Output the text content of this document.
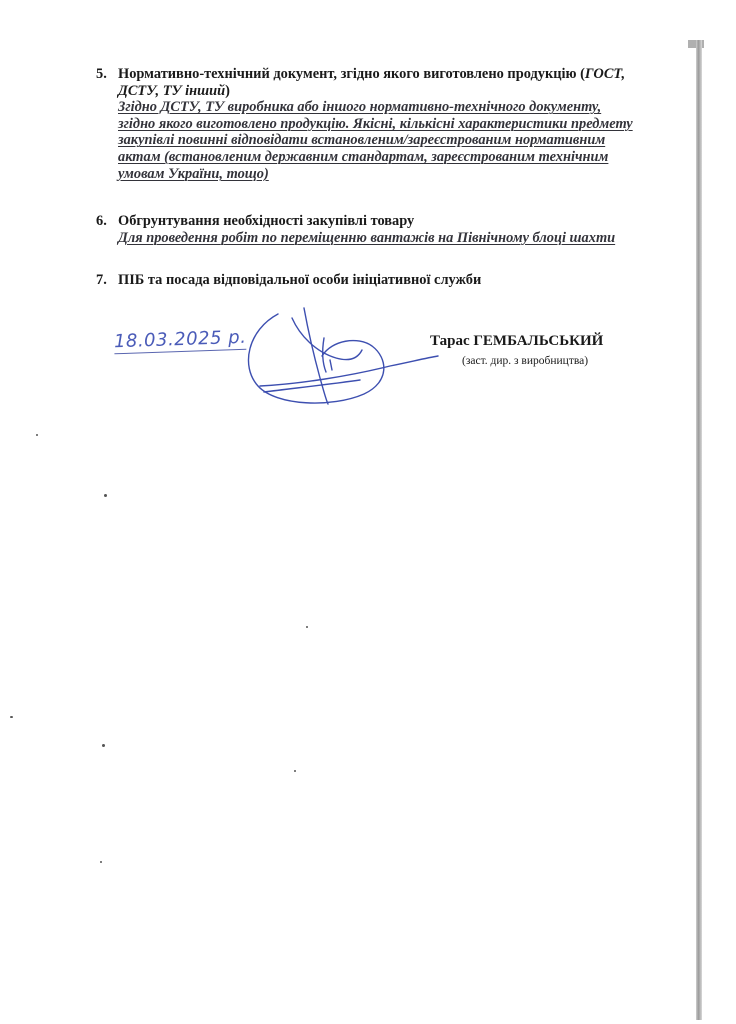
5. Нормативно-технічний документ, згідно якого виготовлено продукцію (ГОСТ, ДСТУ, ТУ інший)
Згідно ДСТУ, ТУ виробника або іншого нормативно-технічного документу, згідно якого виготовлено продукцію. Якісні, кількісні характеристики предмету закупівлі повинні відповідати встановленим/зареєстрованим нормативним актам (встановленим державним стандартам, зареєстрованим технічним умовам України, тощо)
6. Обгрунтування необхідності закупівлі товару
Для проведення робіт по переміщенню вантажів на Північному блоці шахти
7. ПІБ та посада відповідальної особи ініціативної служби
18.03.2025 р.	Тарас ГЕМБАЛЬСЬКИЙ
(заст. дир. з виробництва)
